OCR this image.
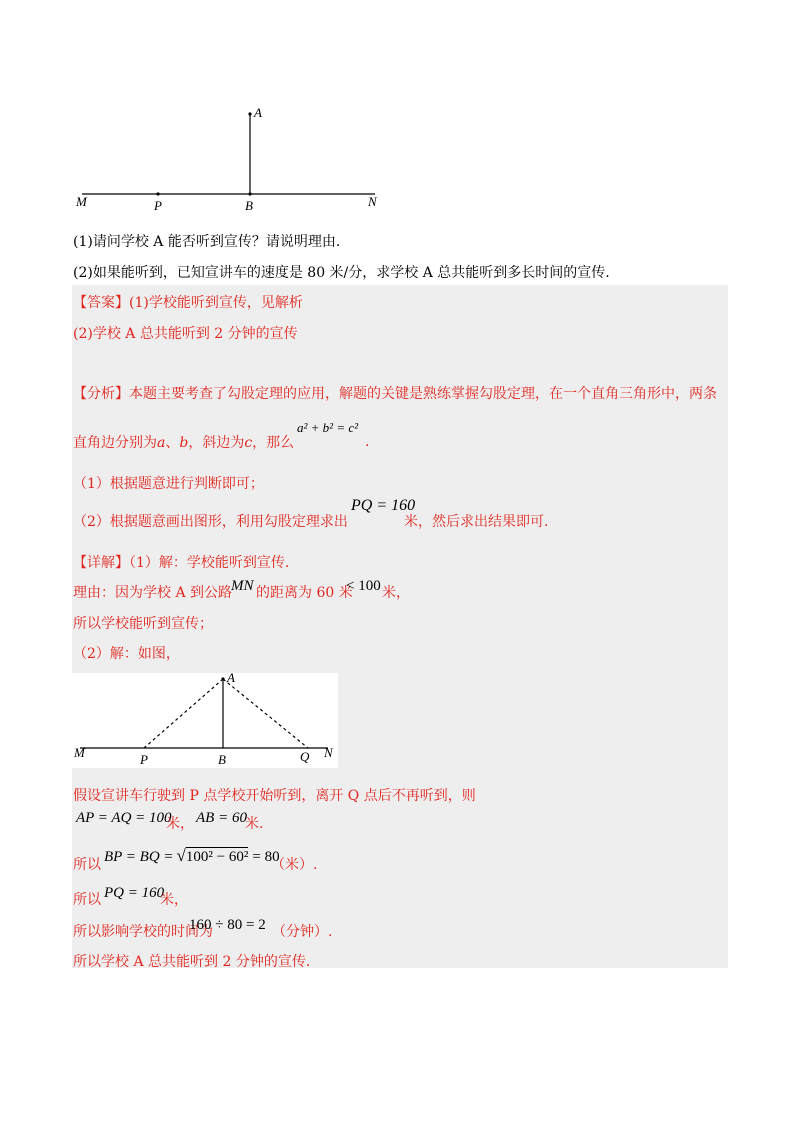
A
M	P	B	N
(1)请问学校 A 能否听到宣传？请说明理由.
(2)如果能听到，已知宣讲车的速度是 80 米/分，求学校 A 总共能听到多长时间的宣传.
【答案】(1)学校能听到宣传，见解析
(2)学校 A 总共能听到 2 分钟的宣传
【分析】本题主要考查了勾股定理的应用，解题的关键是熟练掌握勾股定理，在一个直角三角形中，两条
直角边分别为a、b，斜边为c，那么
a² + b² = c²
.
（1）根据题意进行判断即可；
（2）根据题意画出图形，利用勾股定理求出
PQ = 160
米，然后求出结果即可.
【详解】（1）解：学校能听到宣传.
理由：因为学校 A 到公路
MN 的距离为 60 米
< 100 米，
所以学校能听到宣传；
（2）解：如图，
A
M	P	B	Q N
假设宣讲车行驶到 P 点学校开始听到，离开 Q 点后不再听到，则
AP = AQ = 100
米， AB = 60
米.
所以 BP = BQ = √100² − 60² = 80
（米）.
所以 PQ = 160
米，
所以影响学校的时间为
160 ÷ 80 = 2 （分钟）.
所以学校 A 总共能听到 2 分钟的宣传.
